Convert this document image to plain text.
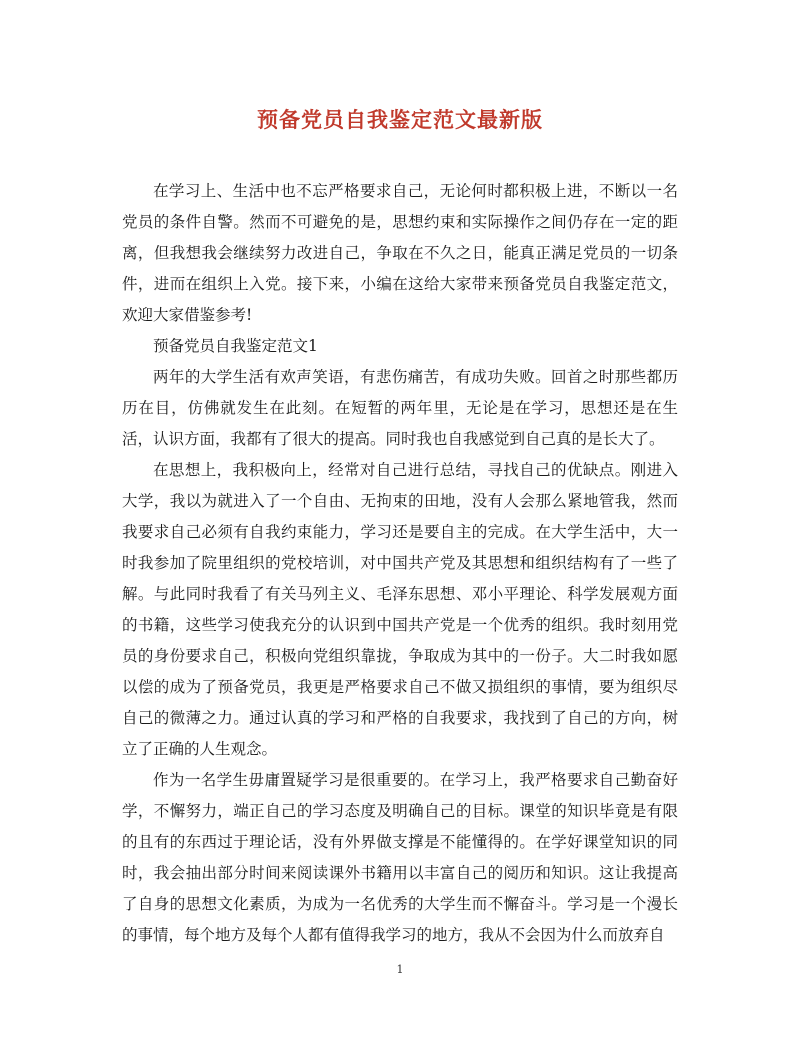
预备党员自我鉴定范文最新版

在学习上、生活中也不忘严格要求自己，无论何时都积极上进，不断以一名党员的条件自警。然而不可避免的是，思想约束和实际操作之间仍存在一定的距离，但我想我会继续努力改进自己，争取在不久之日，能真正满足党员的一切条件，进而在组织上入党。接下来，小编在这给大家带来预备党员自我鉴定范文，欢迎大家借鉴参考!

预备党员自我鉴定范文1

两年的大学生活有欢声笑语，有悲伤痛苦，有成功失败。回首之时那些都历历在目，仿佛就发生在此刻。在短暂的两年里，无论是在学习，思想还是在生活，认识方面，我都有了很大的提高。同时我也自我感觉到自己真的是长大了。

在思想上，我积极向上，经常对自己进行总结，寻找自己的优缺点。刚进入大学，我以为就进入了一个自由、无拘束的田地，没有人会那么紧地管我，然而我要求自己必须有自我约束能力，学习还是要自主的完成。在大学生活中，大一时我参加了院里组织的党校培训，对中国共产党及其思想和组织结构有了一些了解。与此同时我看了有关马列主义、毛泽东思想、邓小平理论、科学发展观方面的书籍，这些学习使我充分的认识到中国共产党是一个优秀的组织。我时刻用党员的身份要求自己，积极向党组织靠拢，争取成为其中的一份子。大二时我如愿以偿的成为了预备党员，我更是严格要求自己不做又损组织的事情，要为组织尽自己的微薄之力。通过认真的学习和严格的自我要求，我找到了自己的方向，树立了正确的人生观念。

作为一名学生毋庸置疑学习是很重要的。在学习上，我严格要求自己勤奋好学，不懈努力，端正自己的学习态度及明确自己的目标。课堂的知识毕竟是有限的且有的东西过于理论话，没有外界做支撑是不能懂得的。在学好课堂知识的同时，我会抽出部分时间来阅读课外书籍用以丰富自己的阅历和知识。这让我提高了自身的思想文化素质，为成为一名优秀的大学生而不懈奋斗。学习是一个漫长的事情，每个地方及每个人都有值得我学习的地方，我从不会因为什么而放弃自

1
